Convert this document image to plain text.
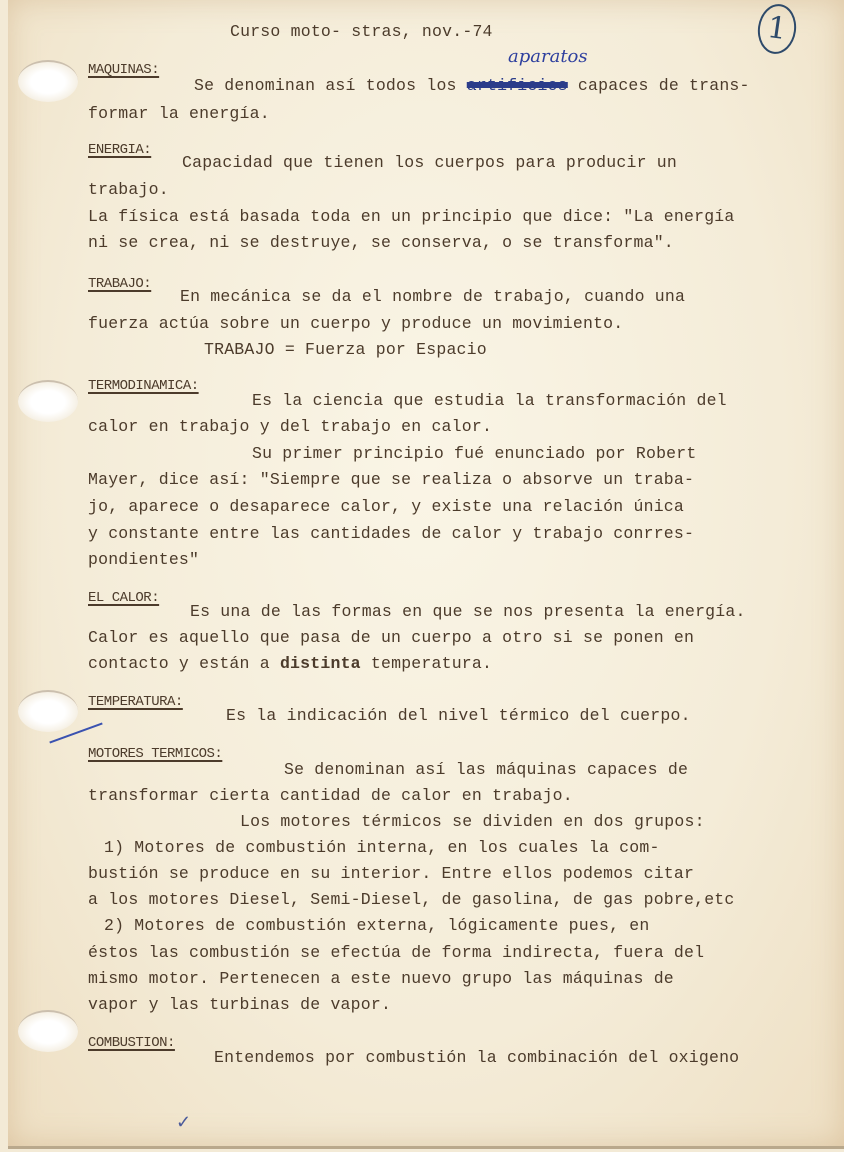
Curso moto- stras, nov.-74	1
aparatos
MAQUINAS:
Se denominan así todos los artificios capaces de trans-
formar la energía.
ENERGIA:
Capacidad que tienen los cuerpos para producir un
trabajo.
La física está basada toda en un principio que dice: "La energía
ni se crea, ni se destruye, se conserva, o se transforma".
TRABAJO:
En mecánica se da el nombre de trabajo, cuando una
fuerza actúa sobre un cuerpo y produce un movimiento.
TRABAJO = Fuerza por Espacio
TERMODINAMICA:
Es la ciencia que estudia la transformación del
calor en trabajo y del trabajo en calor.
Su primer principio fué enunciado por Robert
Mayer, dice así: "Siempre que se realiza o absorve un traba-
jo, aparece o desaparece calor, y existe una relación única
y constante entre las cantidades de calor y trabajo conrres-
pondientes"
EL CALOR:
Es una de las formas en que se nos presenta la energía.
Calor es aquello que pasa de un cuerpo a otro si se ponen en
contacto y están a distinta temperatura.
TEMPERATURA:
Es la indicación del nivel térmico del cuerpo.
MOTORES TERMICOS:
Se denominan así las máquinas capaces de
transformar cierta cantidad de calor en trabajo.
Los motores térmicos se dividen en dos grupos:
1) Motores de combustión interna, en los cuales la com-
bustión se produce en su interior. Entre ellos podemos citar
a los motores Diesel, Semi-Diesel, de gasolina, de gas pobre,etc
2) Motores de combustión externa, lógicamente pues, en
éstos las combustión se efectúa de forma indirecta, fuera del
mismo motor. Pertenecen a este nuevo grupo las máquinas de
vapor y las turbinas de vapor.
COMBUSTION:
Entendemos por combustión la combinación del oxigeno
✓
